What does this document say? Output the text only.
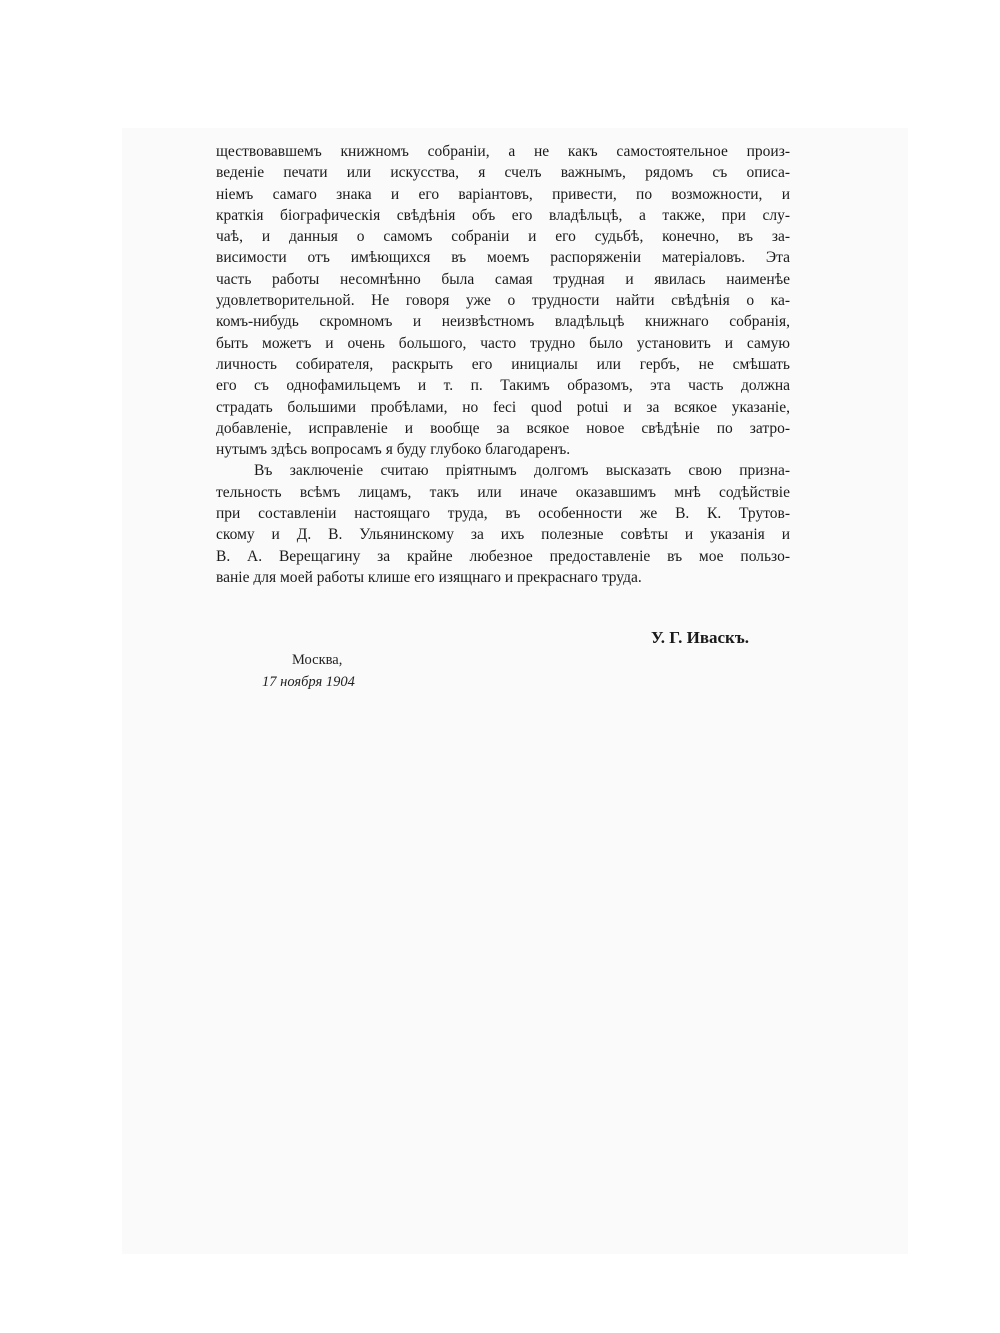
ществовавшемъ книжномъ собранiи, а не какъ самостоятельное произ-
веденiе печати или искусства, я счелъ важнымъ, рядомъ съ описа-
нiемъ самаго знака и его варiантовъ, привести, по возможности, и
краткiя бiографическiя свѣдѣнiя объ его владѣльцѣ, а также, при слу-
чаѣ, и данныя о самомъ собранiи и его судьбѣ, конечно, въ за-
висимости отъ имѣющихся въ моемъ распоряженiи матерiаловъ. Эта
часть работы несомнѣнно была самая трудная и явилась наименѣе
удовлетворительной. Не говоря уже о трудности найти свѣдѣнiя о ка-
комъ-нибудь скромномъ и неизвѣстномъ владѣльцѣ книжнаго собранiя,
быть можетъ и очень большого, часто трудно было установить и самую
личность собирателя, раскрыть его инициалы или гербъ, не смѣшать
его съ однофамильцемъ и т. п. Такимъ образомъ, эта часть должна
страдать большими пробѣлами, но feci quod potui и за всякое указанiе,
добавленiе, исправленiе и вообще за всякое новое свѣдѣнiе по затро-
нутымъ здѣсь вопросамъ я буду глубоко благодаренъ.
Въ заключенiе считаю прiятнымъ долгомъ высказать свою призна-
тельность всѣмъ лицамъ, такъ или иначе оказавшимъ мнѣ содѣйствiе
при составленiи настоящаго труда, въ особенности же В. К. Трутов-
скому и Д. В. Ульянинскому за ихъ полезные совѣты и указанiя и
В. А. Верещагину за крайне любезное предоставленiе въ мое пользо-
ванiе для моей работы клише его изящнаго и прекраснаго труда.
У. Г. Иваскъ.
Москва,
17 ноября 1904
